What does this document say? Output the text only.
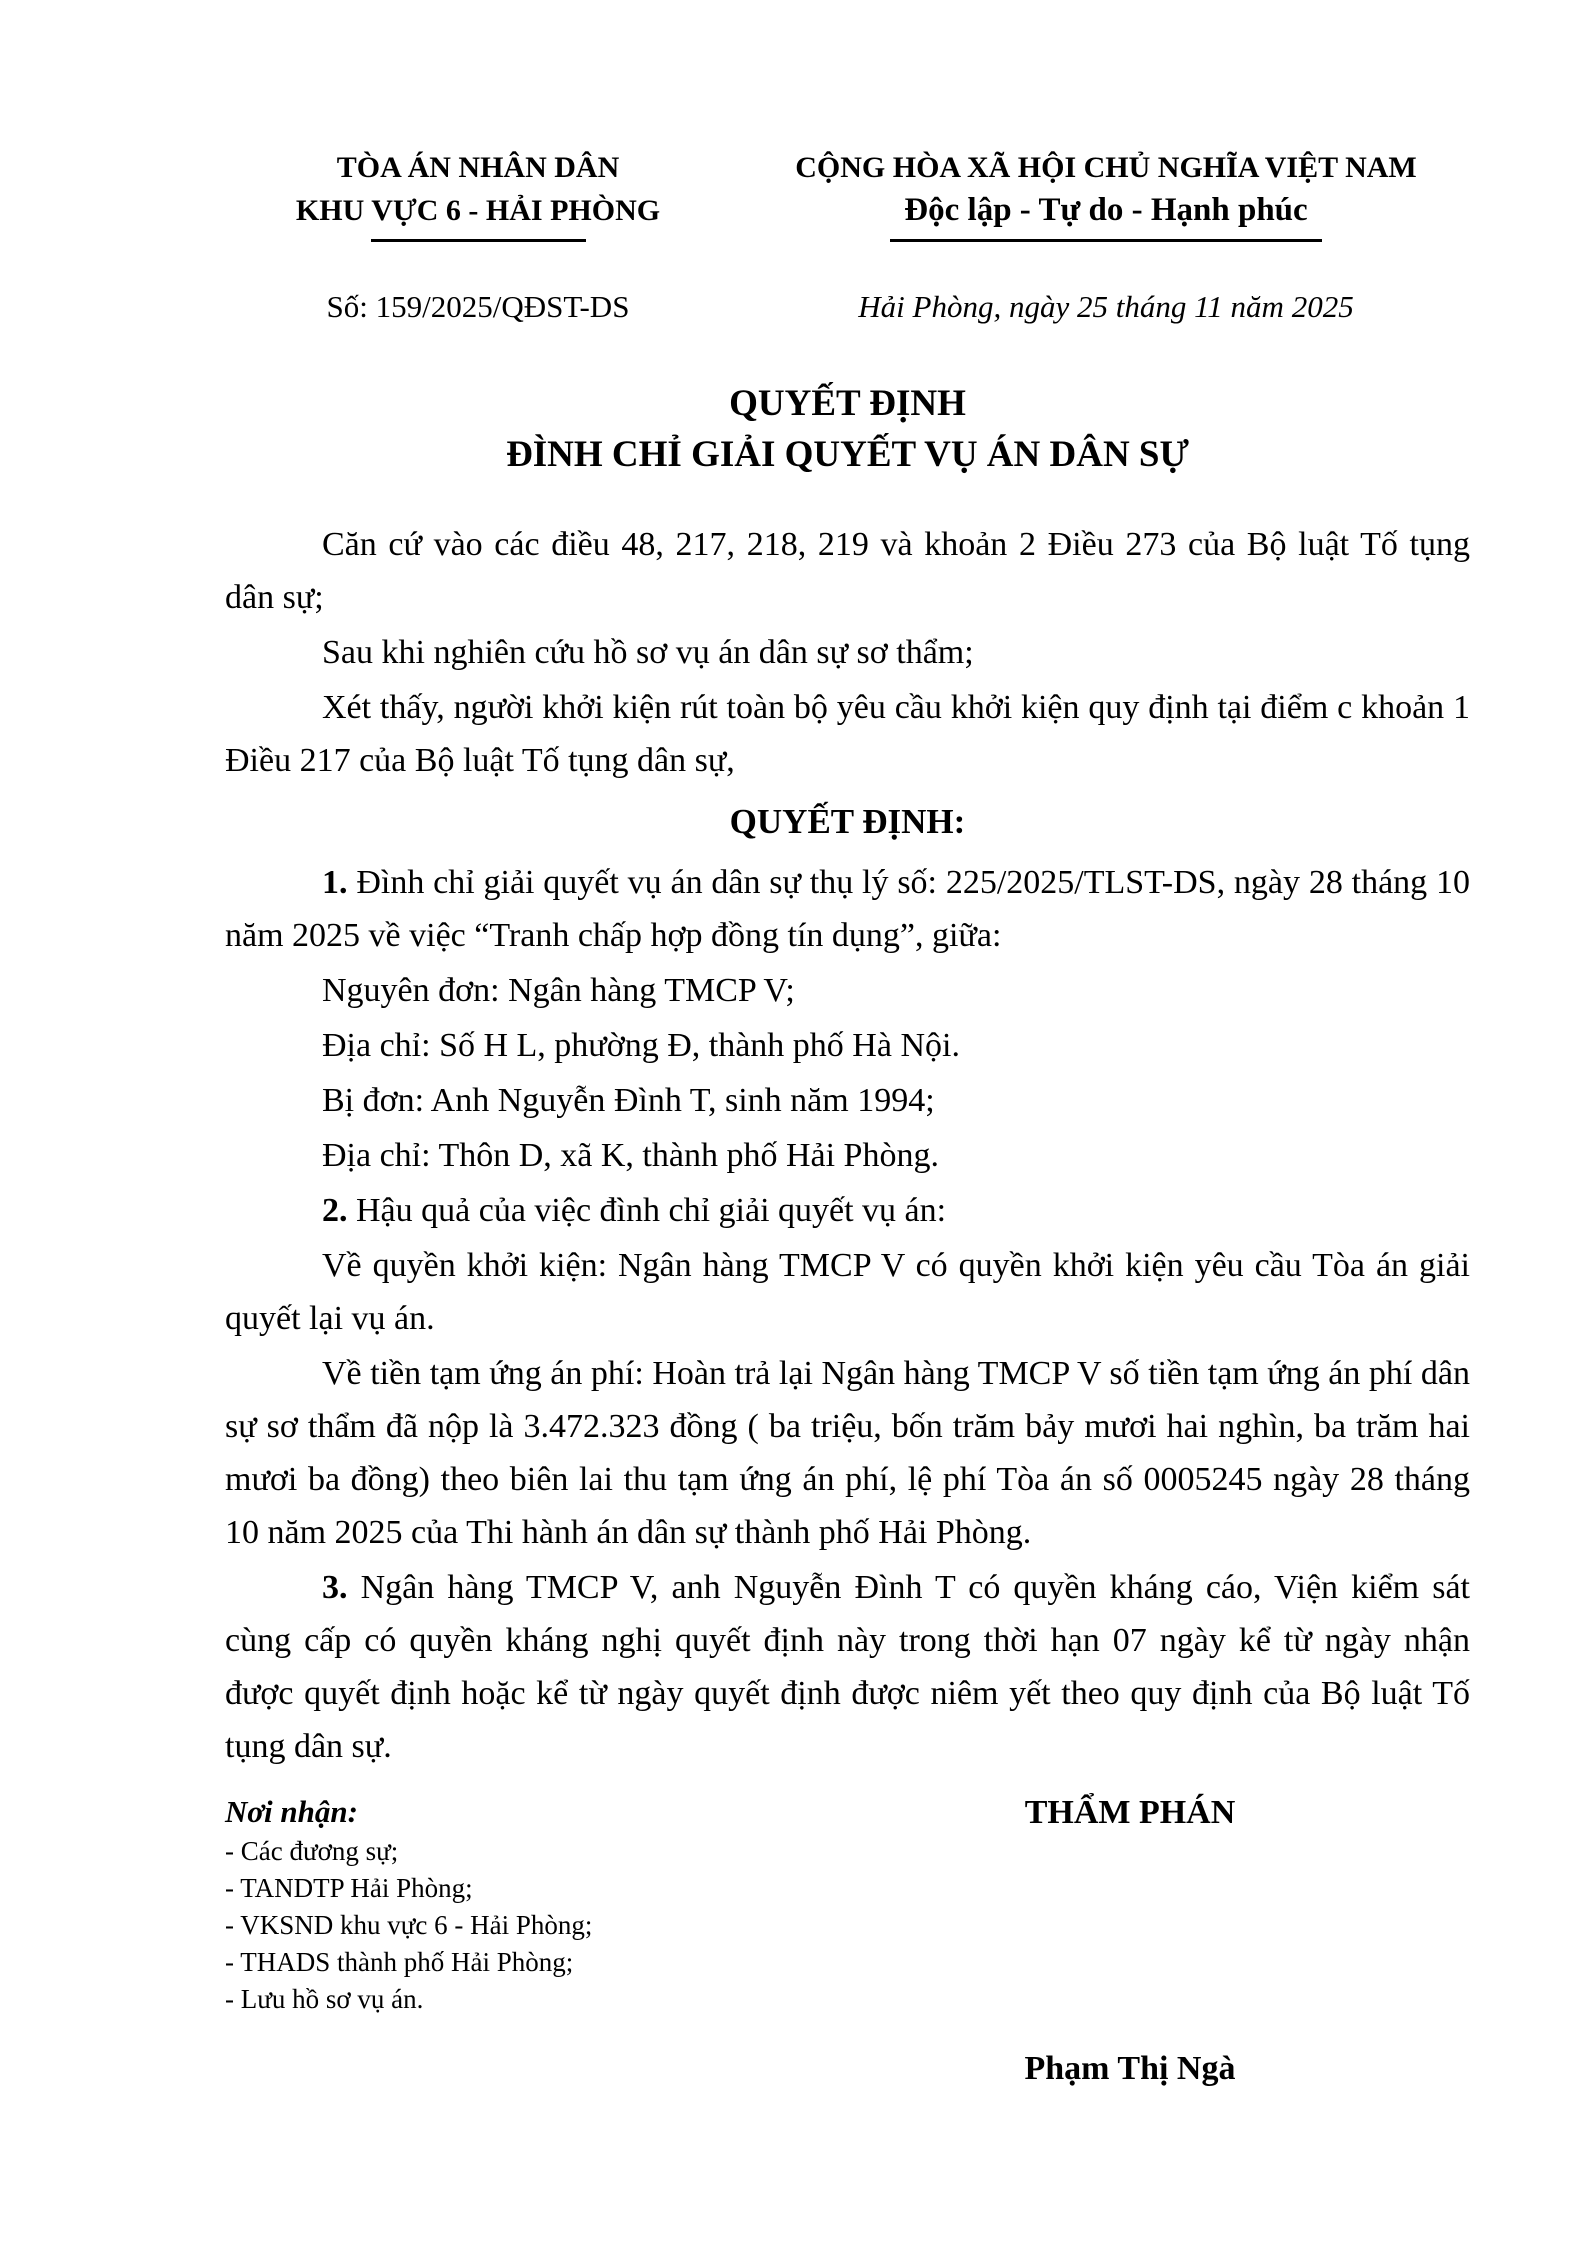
TÒA ÁN NHÂN DÂN
KHU VỰC 6 - HẢI PHÒNG
CỘNG HÒA XÃ HỘI CHỦ NGHĨA VIỆT NAM
Độc lập - Tự do - Hạnh phúc
Số: 159/2025/QĐST-DS	Hải Phòng, ngày 25 tháng 11 năm 2025
QUYẾT ĐỊNH
ĐÌNH CHỈ GIẢI QUYẾT VỤ ÁN DÂN SỰ

Căn cứ vào các điều 48, 217, 218, 219 và khoản 2 Điều 273 của Bộ luật Tố tụng dân sự;

Sau khi nghiên cứu hồ sơ vụ án dân sự sơ thẩm;

Xét thấy, người khởi kiện rút toàn bộ yêu cầu khởi kiện quy định tại điểm c khoản 1 Điều 217 của Bộ luật Tố tụng dân sự,

QUYẾT ĐỊNH:

1. Đình chỉ giải quyết vụ án dân sự thụ lý số: 225/2025/TLST-DS, ngày 28 tháng 10 năm 2025 về việc “Tranh chấp hợp đồng tín dụng”, giữa:

Nguyên đơn: Ngân hàng TMCP V;

Địa chỉ: Số H L, phường Đ, thành phố Hà Nội.

Bị đơn: Anh Nguyễn Đình T, sinh năm 1994;

Địa chỉ: Thôn D, xã K, thành phố Hải Phòng.

2. Hậu quả của việc đình chỉ giải quyết vụ án:

Về quyền khởi kiện: Ngân hàng TMCP V có quyền khởi kiện yêu cầu Tòa án giải quyết lại vụ án.

Về tiền tạm ứng án phí: Hoàn trả lại Ngân hàng TMCP V số tiền tạm ứng án phí dân sự sơ thẩm đã nộp là 3.472.323 đồng ( ba triệu, bốn trăm bảy mươi hai nghìn, ba trăm hai mươi ba đồng) theo biên lai thu tạm ứng án phí, lệ phí Tòa án số 0005245 ngày 28 tháng 10 năm 2025 của Thi hành án dân sự thành phố Hải Phòng.

3. Ngân hàng TMCP V, anh Nguyễn Đình T có quyền kháng cáo, Viện kiểm sát cùng cấp có quyền kháng nghị quyết định này trong thời hạn 07 ngày kể từ ngày nhận được quyết định hoặc kể từ ngày quyết định được niêm yết theo quy định của Bộ luật Tố tụng dân sự.

Nơi nhận:
- Các đương sự;
- TANDTP Hải Phòng;
- VKSND khu vực 6 - Hải Phòng;
- THADS thành phố Hải Phòng;
- Lưu hồ sơ vụ án.
THẨM PHÁN
Phạm Thị Ngà
